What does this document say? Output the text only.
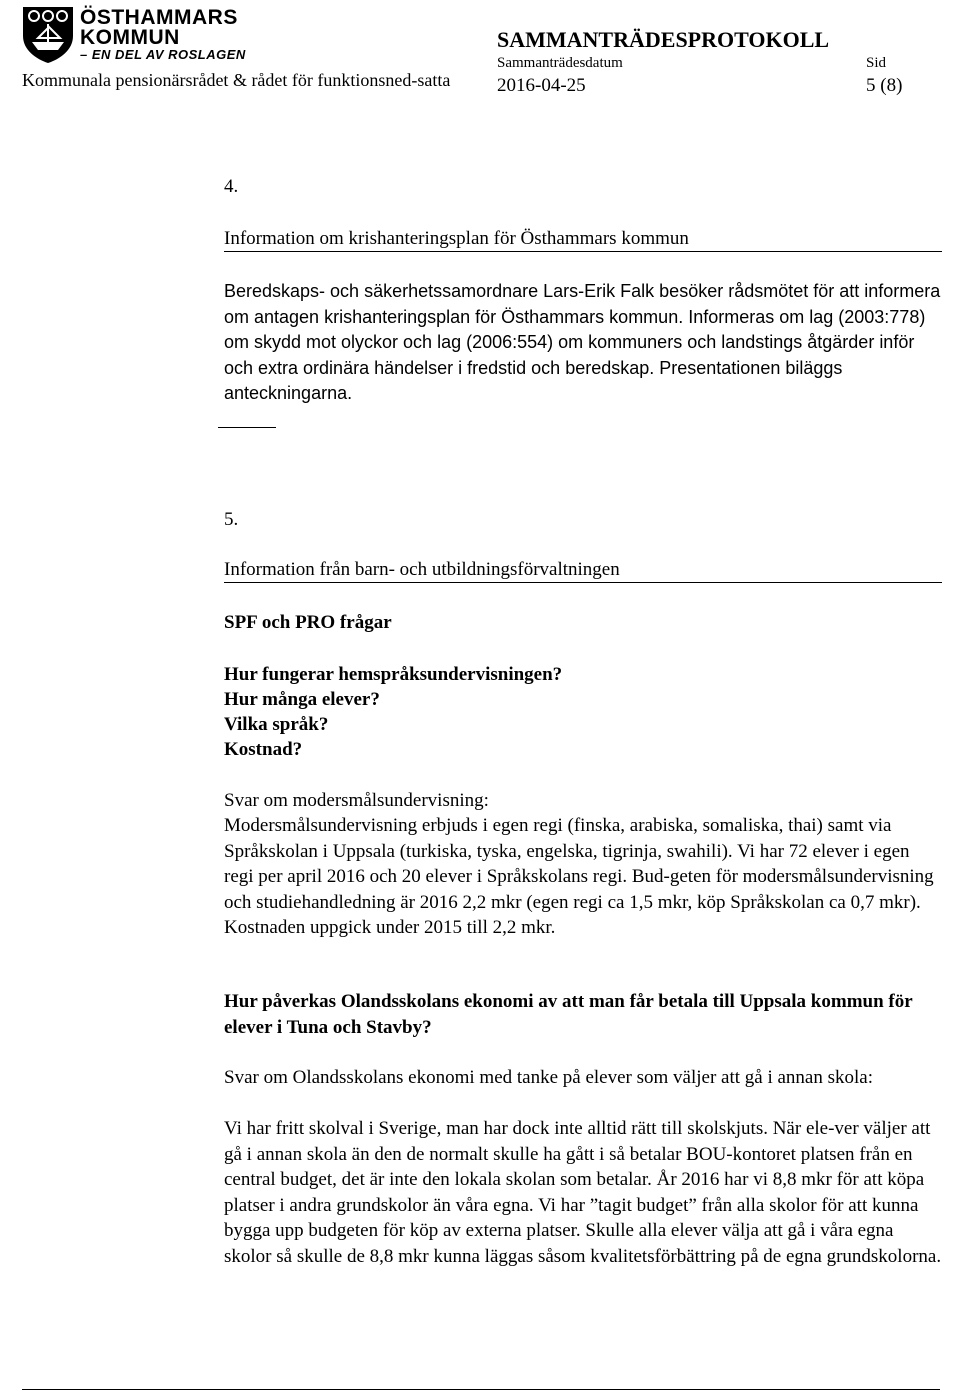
ÖSTHAMMARS
KOMMUN
– EN DEL AV ROSLAGEN
Kommunala pensionärsrådet & rådet för funktionsned-satta
SAMMANTRÄDESPROTOKOLL
Sammanträdesdatum	Sid
2016-04-25	5 (8)
4.
Information om krishanteringsplan för Östhammars kommun
Beredskaps- och säkerhetssamordnare Lars-Erik Falk besöker rådsmötet för att informera om antagen krishanteringsplan för Östhammars kommun. Informeras om lag (2003:778) om skydd mot olyckor och lag (2006:554) om kommuners och landstings åtgärder inför och extra ordinära händelser i fredstid och beredskap. Presentationen biläggs anteckningarna.
5.
Information från barn- och utbildningsförvaltningen
SPF och PRO frågar
Hur fungerar hemspråksundervisningen?
Hur många elever?
Vilka språk?
Kostnad?
Svar om modersmålsundervisning:
Modersmålsundervisning erbjuds i egen regi (finska, arabiska, somaliska, thai) samt via Språkskolan i Uppsala (turkiska, tyska, engelska, tigrinja, swahili). Vi har 72 elever i egen regi per april 2016 och 20 elever i Språkskolans regi. Bud-geten för modersmålsundervisning och studiehandledning är 2016 2,2 mkr (egen regi ca 1,5 mkr, köp Språkskolan ca 0,7 mkr). Kostnaden uppgick under 2015 till 2,2 mkr.
Hur påverkas Olandsskolans ekonomi av att man får betala till Uppsala kommun för elever i Tuna och Stavby?
Svar om Olandsskolans ekonomi med tanke på elever som väljer att gå i annan skola:
Vi har fritt skolval i Sverige, man har dock inte alltid rätt till skolskjuts. När ele-ver väljer att gå i annan skola än den de normalt skulle ha gått i så betalar BOU-kontoret platsen från en central budget, det är inte den lokala skolan som betalar. År 2016 har vi 8,8 mkr för att köpa platser i andra grundskolor än våra egna. Vi har ”tagit budget” från alla skolor för att kunna bygga upp budgeten för köp av externa platser. Skulle alla elever välja att gå i våra egna skolor så skulle de 8,8 mkr kunna läggas såsom kvalitetsförbättring på de egna grundskolorna.
